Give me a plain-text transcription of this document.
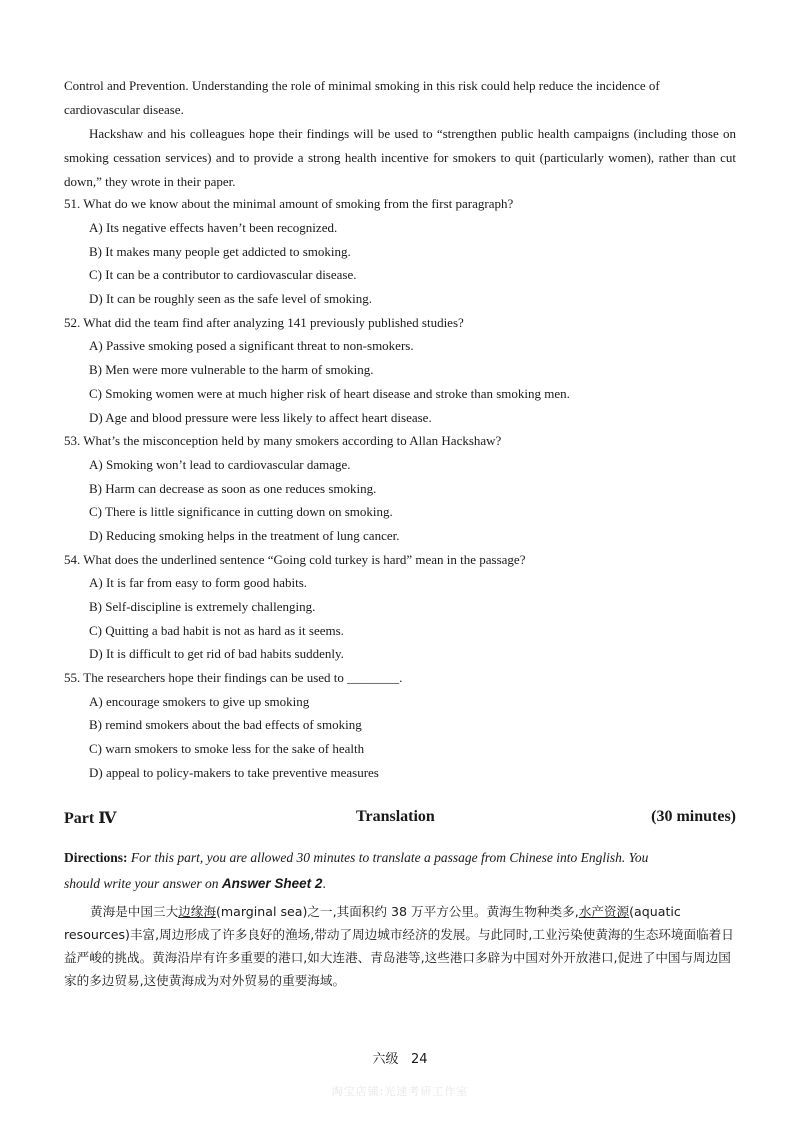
Control and Prevention. Understanding the role of minimal smoking in this risk could help reduce the incidence of
cardiovascular disease.
Hackshaw and his colleagues hope their findings will be used to “strengthen public health campaigns (including those on smoking cessation services) and to provide a strong health incentive for smokers to quit (particularly women), rather than cut down,” they wrote in their paper.
51. What do we know about the minimal amount of smoking from the first paragraph?
A) Its negative effects haven’t been recognized.
B) It makes many people get addicted to smoking.
C) It can be a contributor to cardiovascular disease.
D) It can be roughly seen as the safe level of smoking.
52. What did the team find after analyzing 141 previously published studies?
A) Passive smoking posed a significant threat to non-smokers.
B) Men were more vulnerable to the harm of smoking.
C) Smoking women were at much higher risk of heart disease and stroke than smoking men.
D) Age and blood pressure were less likely to affect heart disease.
53. What’s the misconception held by many smokers according to Allan Hackshaw?
A) Smoking won’t lead to cardiovascular damage.
B) Harm can decrease as soon as one reduces smoking.
C) There is little significance in cutting down on smoking.
D) Reducing smoking helps in the treatment of lung cancer.
54. What does the underlined sentence “Going cold turkey is hard” mean in the passage?
A) It is far from easy to form good habits.
B) Self-discipline is extremely challenging.
C) Quitting a bad habit is not as hard as it seems.
D) It is difficult to get rid of bad habits suddenly.
55. The researchers hope their findings can be used to ________.
A) encourage smokers to give up smoking
B) remind smokers about the bad effects of smoking
C) warn smokers to smoke less for the sake of health
D) appeal to policy-makers to take preventive measures
Part Ⅳ	Translation	(30 minutes)
Directions: For this part, you are allowed 30 minutes to translate a passage from Chinese into English. You
should write your answer on Answer Sheet 2.
黄海是中国三大边缘海(marginal sea)之一,其面积约 38 万平方公里。黄海生物种类多,水产资源(aquatic resources)丰富,周边形成了许多良好的渔场,带动了周边城市经济的发展。与此同时,工业污染使黄海的生态环境面临着日益严峻的挑战。黄海沿岸有许多重要的港口,如大连港、青岛港等,这些港口多辟为中国对外开放港口,促进了中国与周边国家的多边贸易,这使黄海成为对外贸易的重要海域。
六级 24
淘宝店铺:光速考研工作室
